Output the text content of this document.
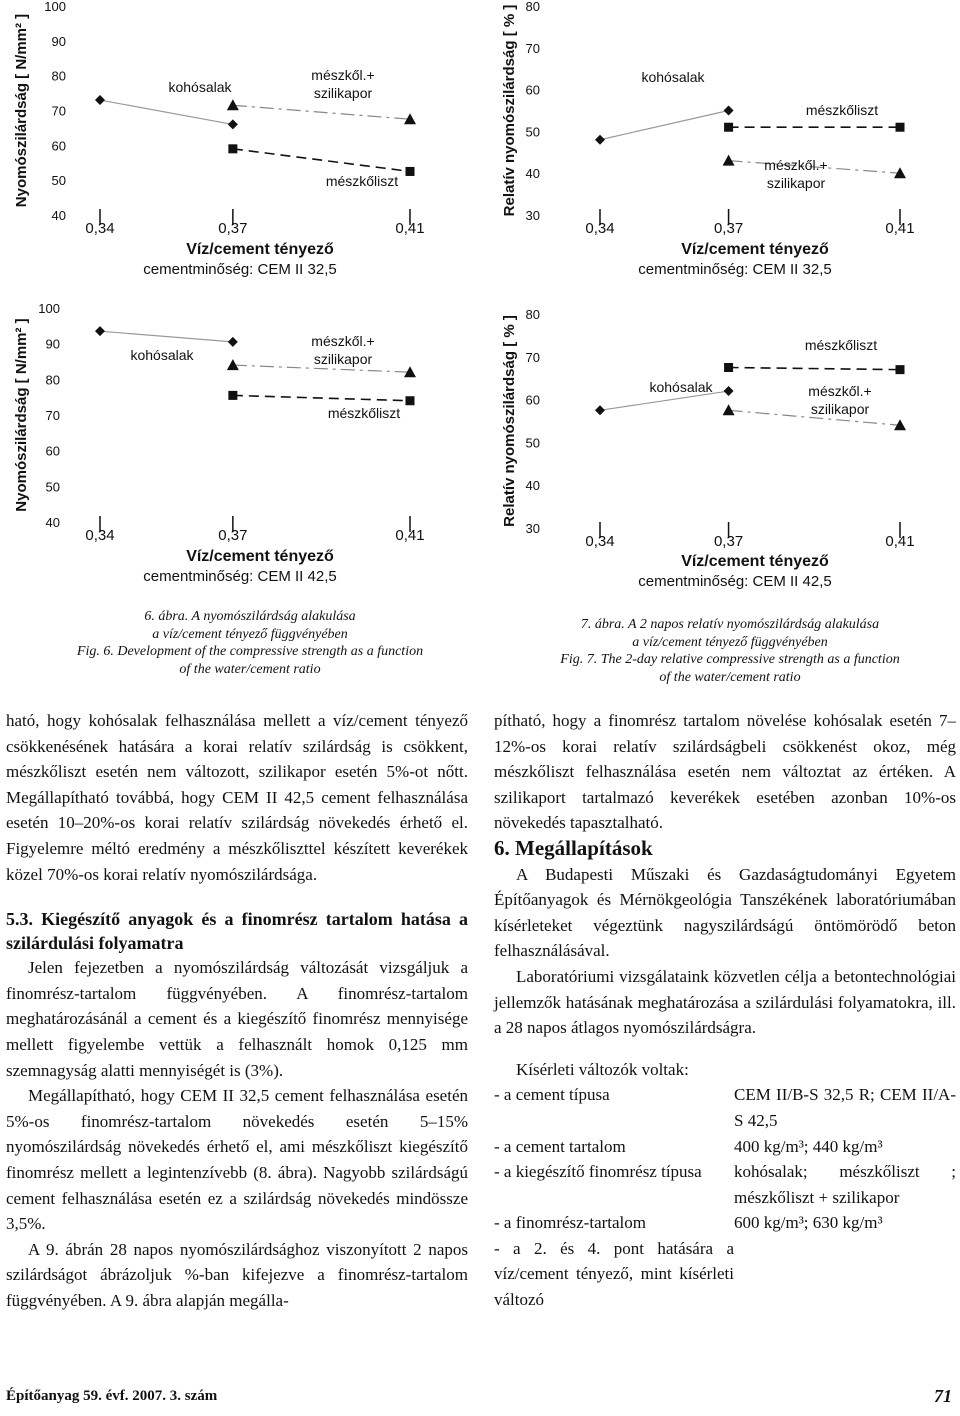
Nyomószilárdság [ N/mm² ]
100
90
80
70
60
50
40
0,34	0,37	0,41
Víz/cement tényező
cementminőség: CEM II 32,5
kohósalak
mészkől.+
szilikapor
mészkőliszt
Nyomószilárdság [ N/mm² ]
100
90
80
70
60
50
40
0,34	0,37	0,41
Víz/cement tényező
cementminőség: CEM II 42,5
kohósalak
mészkől.+
szilikapor
mészkőliszt
Relatív nyomószilárdság [ % ] 80
70
60
50
40
30
0,34	0,37	0,41
Víz/cement tényező
cementminőség: CEM II 32,5
kohósalak
mészkőliszt
mészkől.+
szilikapor
Relatív nyomószilárdság [ % ]
80
70
60
50
40
30
0,34	0,37	0,41
Víz/cement tényező
cementminőség: CEM II 42,5
kohósalak
mészkőliszt
mészkől.+
szilikapor
6. ábra. A nyomószilárdság alakulása
a víz/cement tényező függvényében
Fig. 6. Development of the compressive strength as a function
of the water/cement ratio
7. ábra. A 2 napos relatív nyomószilárdság alakulása
a víz/cement tényező függvényében
Fig. 7. The 2-day relative compressive strength as a function
of the water/cement ratio

ható, hogy kohósalak felhasználása mellett a víz/cement tényező csökkenésének hatására a korai relatív szilárdság is csökkent, mészkőliszt esetén nem változott, szilikapor esetén 5%-ot nőtt. Megállapítható továbbá, hogy CEM II 42,5 cement felhasználása esetén 10–20%-os korai relatív szilárdság növekedés érhető el. Figyelemre méltó eredmény a mészkőliszttel készített keverékek közel 70%-os korai relatív nyomószilárdsága.

5.3. Kiegészítő anyagok és a finomrész tartalom hatása a szilárdulási folyamatra

Jelen fejezetben a nyomószilárdság változását vizsgáljuk a finomrész-tartalom függvényében. A finomrész-tartalom meghatározásánál a cement és a kiegészítő finomrész mennyisége mellett figyelembe vettük a felhasznált homok 0,125 mm szemnagyság alatti mennyiségét is (3%).

Megállapítható, hogy CEM II 32,5 cement felhasználása esetén 5%-os finomrész-tartalom növekedés esetén 5–15% nyomószilárdság növekedés érhető el, ami mészkőliszt kiegészítő finomrész mellett a legintenzívebb (8. ábra). Nagyobb szilárdságú cement felhasználása esetén ez a szilárdság növekedés mindössze 3,5%.

A 9. ábrán 28 napos nyomószilárdsághoz viszonyított 2 napos szilárdságot ábrázoljuk %-ban kifejezve a finomrész-tartalom függvényében. A 9. ábra alapján megálla-

pítható, hogy a finomrész tartalom növelése kohósalak esetén 7–12%-os korai relatív szilárdságbeli csökkenést okoz, még mészkőliszt felhasználása esetén nem változtat az értéken. A szilikaport tartalmazó keverékek esetében azonban 10%-os növekedés tapasztalható.

6. Megállapítások

A Budapesti Műszaki és Gazdaságtudományi Egyetem Építőanyagok és Mérnökgeológia Tanszékének laboratóriumában kísérleteket végeztünk nagyszilárdságú öntömörödő beton felhasználásával.

Laboratóriumi vizsgálataink közvetlen célja a betontechnológiai jellemzők hatásának meghatározása a szilárdulási folyamatokra, ill. a 28 napos átlagos nyomószilárdságra.

Kísérleti változók voltak:
- a cement típusa	CEM II/B-S 32,5 R; CEM II/A-S 42,5
- a cement tartalom	400 kg/m³; 440 kg/m³
- a kiegészítő finomrész típusa	kohósalak; mészkőliszt ; mészkőliszt + szilikapor
- a finomrész-tartalom	600 kg/m³; 630 kg/m³
- a 2. és 4. pont hatására a víz/cement tényező, mint kísérleti változó
Építőanyag 59. évf. 2007. 3. szám	71
